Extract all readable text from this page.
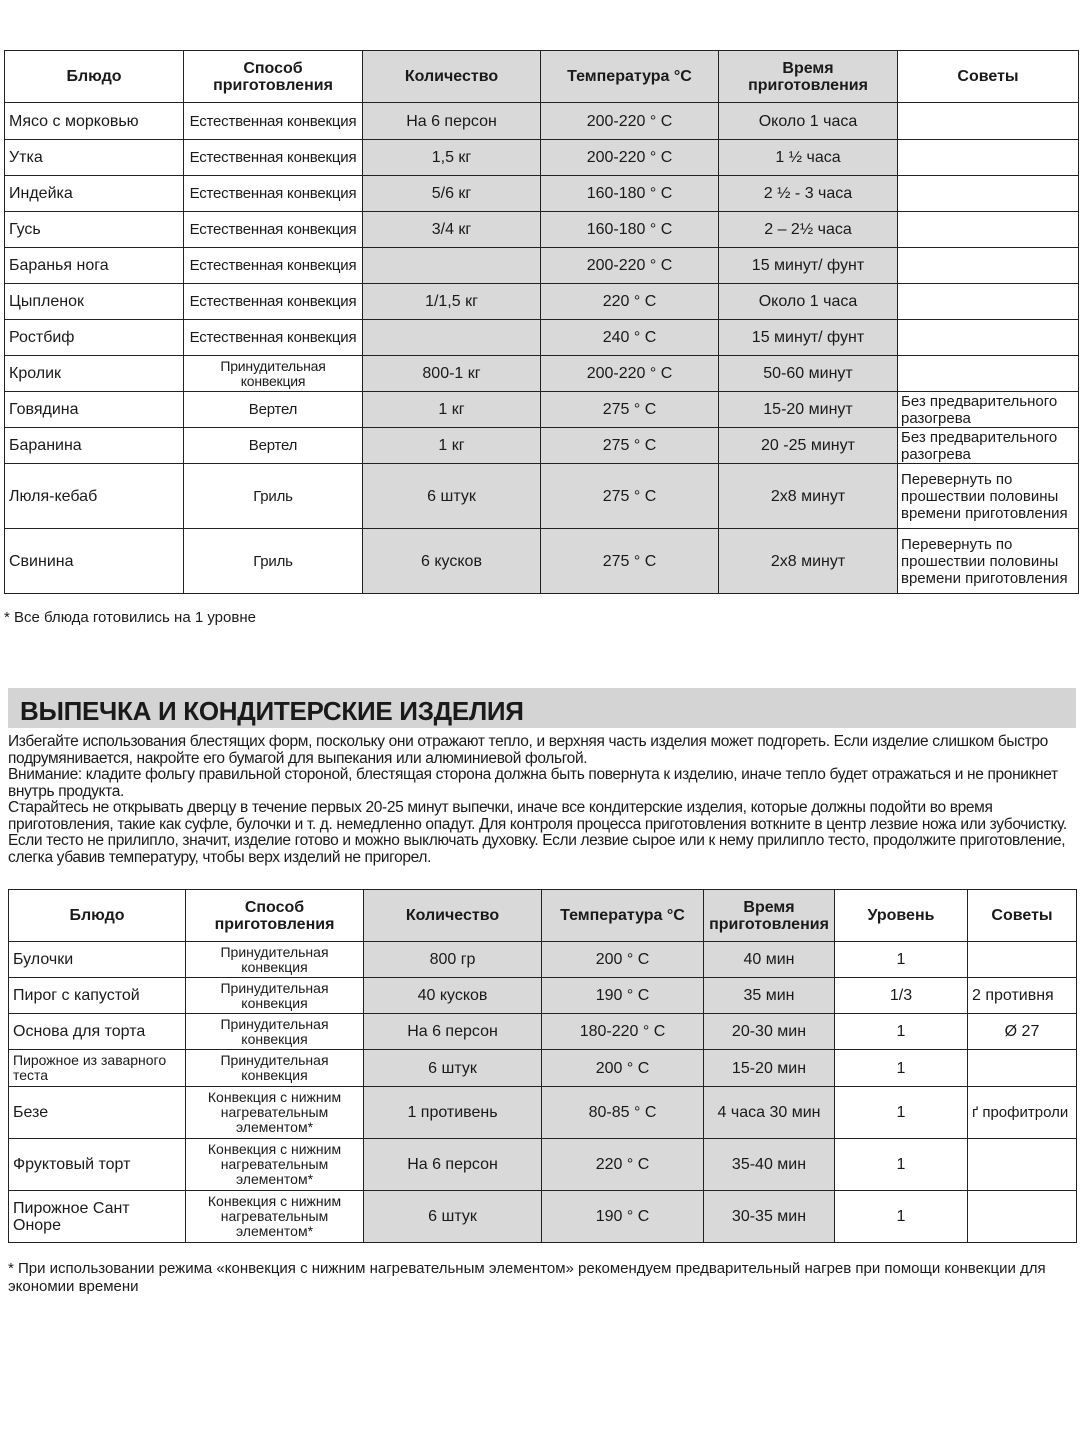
Блюдо	Способ приготовления	Количество	Температура °C	Время приготовления	Советы
Мясо с морковью	Естественная конвекция	На 6 персон	200-220 ° C	Около 1 часа	
Утка	Естественная конвекция	1,5 кг	200-220 ° C	1 ½ часа	
Индейка	Естественная конвекция	5/6 кг	160-180 ° C	2 ½ - 3 часа	
Гусь	Естественная конвекция	3/4 кг	160-180 ° C	2 – 2½ часа	
Баранья нога	Естественная конвекция		200-220 ° C	15 минут/ фунт	
Цыпленок	Естественная конвекция	1/1,5 кг	220 ° C	Около 1 часа	
Ростбиф	Естественная конвекция		240 ° C	15 минут/ фунт	
Кролик	Принудительная конвекция	800-1 кг	200-220 ° C	50-60 минут	
Говядина	Вертел	1 кг	275 ° C	15-20 минут	Без предварительного разогрева
Баранина	Вертел	1 кг	275 ° C	20 -25 минут	Без предварительного разогрева
Люля-кебаб	Гриль	6 штук	275 ° C	2x8 минут	Перевернуть по прошествии половины времени приготовления
Свинина	Гриль	6 кусков	275 ° C	2x8 минут	Перевернуть по прошествии половины времени приготовления

* Все блюда готовились на 1 уровне

ВЫПЕЧКА И КОНДИТЕРСКИЕ ИЗДЕЛИЯ

Избегайте использования блестящих форм, поскольку они отражают тепло, и верхняя часть изделия может подгореть. Если изделие слишком быстро подрумянивается, накройте его бумагой для выпекания или алюминиевой фольгой.

Внимание: кладите фольгу правильной стороной, блестящая сторона должна быть повернута к изделию, иначе тепло будет отражаться и не проникнет внутрь продукта.

Старайтесь не открывать дверцу в течение первых 20-25 минут выпечки, иначе все кондитерские изделия, которые должны подойти во время приготовления, такие как суфле, булочки и т. д. немедленно опадут. Для контроля процесса приготовления воткните в центр лезвие ножа или зубочистку. Если тесто не прилипло, значит, изделие готово и можно выключать духовку. Если лезвие сырое или к нему прилипло тесто, продолжите приготовление, слегка убавив температуру, чтобы верх изделий не пригорел.

Блюдо	Способ приготовления	Количество	Температура °C	Время приготовления	Уровень	Советы
Булочки	Принудительная конвекция	800 гр	200 ° C	40 мин	1	
Пирог с капустой	Принудительная конвекция	40 кусков	190 ° C	35 мин	1/3	2 противня
Основа для торта	Принудительная конвекция	На 6 персон	180-220 ° C	20-30 мин	1	Ø 27
Пирожное из заварного теста	Принудительная конвекция	6 штук	200 ° C	15-20 мин	1	
Безе	Конвекция с нижним нагревательным элементом*	1 противень	80-85 ° C	4 часа 30 мин	1	ґ профитроли
Фруктовый торт	Конвекция с нижним нагревательным элементом*	На 6 персон	220 ° C	35-40 мин	1	
Пирожное Сант Оноре	Конвекция с нижним нагревательным элементом*	6 штук	190 ° C	30-35 мин	1	

* При использовании режима «конвекция с нижним нагревательным элементом» рекомендуем предварительный нагрев при помощи конвекции для экономии времени
